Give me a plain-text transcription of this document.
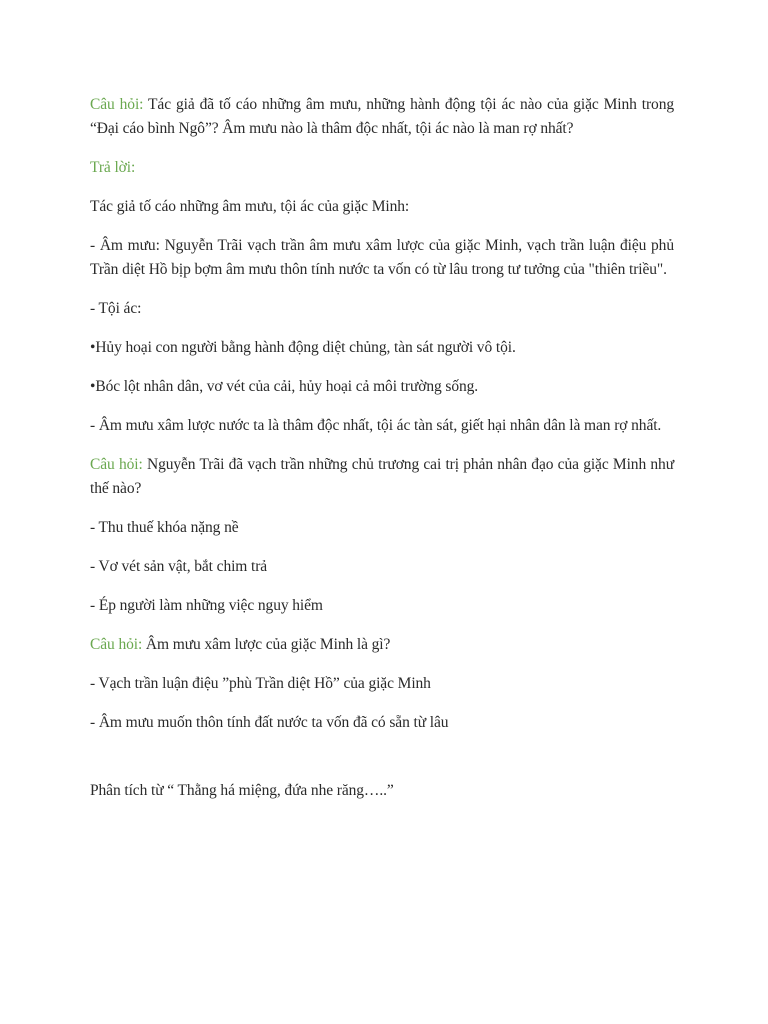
Câu hỏi: Tác giả đã tố cáo những âm mưu, những hành động tội ác nào của giặc Minh trong “Đại cáo bình Ngô”? Âm mưu nào là thâm độc nhất, tội ác nào là man rợ nhất?

Trả lời:

Tác giả tố cáo những âm mưu, tội ác của giặc Minh:

- Âm mưu: Nguyễn Trãi vạch trần âm mưu xâm lược của giặc Minh, vạch trần luận điệu phủ Trần diệt Hồ bịp bợm âm mưu thôn tính nước ta vốn có từ lâu trong tư tưởng của "thiên triều".

- Tội ác:

•Hủy hoại con người bằng hành động diệt chủng, tàn sát người vô tội.

•Bóc lột nhân dân, vơ vét của cải, hủy hoại cả môi trường sống.

- Âm mưu xâm lược nước ta là thâm độc nhất, tội ác tàn sát, giết hại nhân dân là man rợ nhất.

Câu hỏi: Nguyễn Trãi đã vạch trần những chủ trương cai trị phản nhân đạo của giặc Minh như thế nào?

- Thu thuế khóa nặng nề

- Vơ vét sản vật, bắt chim trả

- Ép người làm những việc nguy hiểm

Câu hỏi: Âm mưu xâm lược của giặc Minh là gì?

- Vạch trần luận điệu ”phù Trần diệt Hồ” của giặc Minh

- Âm mưu muốn thôn tính đất nước ta vốn đã có sẵn từ lâu

Phân tích từ “ Thằng há miệng, đứa nhe răng…..”
